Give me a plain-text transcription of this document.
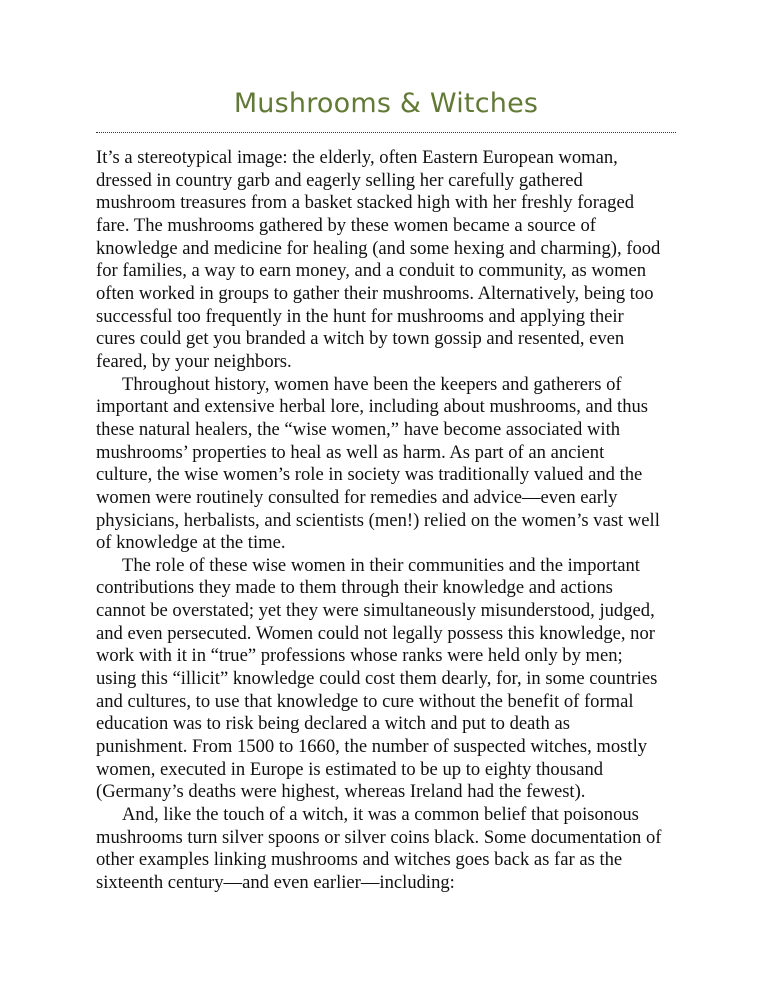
Mushrooms & Witches

It’s a stereotypical image: the elderly, often Eastern European woman,
dressed in country garb and eagerly selling her carefully gathered
mushroom treasures from a basket stacked high with her freshly foraged
fare. The mushrooms gathered by these women became a source of
knowledge and medicine for healing (and some hexing and charming), food
for families, a way to earn money, and a conduit to community, as women
often worked in groups to gather their mushrooms. Alternatively, being too
successful too frequently in the hunt for mushrooms and applying their
cures could get you branded a witch by town gossip and resented, even
feared, by your neighbors.

Throughout history, women have been the keepers and gatherers of
important and extensive herbal lore, including about mushrooms, and thus
these natural healers, the “wise women,” have become associated with
mushrooms’ properties to heal as well as harm. As part of an ancient
culture, the wise women’s role in society was traditionally valued and the
women were routinely consulted for remedies and advice—even early
physicians, herbalists, and scientists (men!) relied on the women’s vast well
of knowledge at the time.

The role of these wise women in their communities and the important
contributions they made to them through their knowledge and actions
cannot be overstated; yet they were simultaneously misunderstood, judged,
and even persecuted. Women could not legally possess this knowledge, nor
work with it in “true” professions whose ranks were held only by men;
using this “illicit” knowledge could cost them dearly, for, in some countries
and cultures, to use that knowledge to cure without the benefit of formal
education was to risk being declared a witch and put to death as
punishment. From 1500 to 1660, the number of suspected witches, mostly
women, executed in Europe is estimated to be up to eighty thousand
(Germany’s deaths were highest, whereas Ireland had the fewest).

And, like the touch of a witch, it was a common belief that poisonous
mushrooms turn silver spoons or silver coins black. Some documentation of
other examples linking mushrooms and witches goes back as far as the
sixteenth century—and even earlier—including:
